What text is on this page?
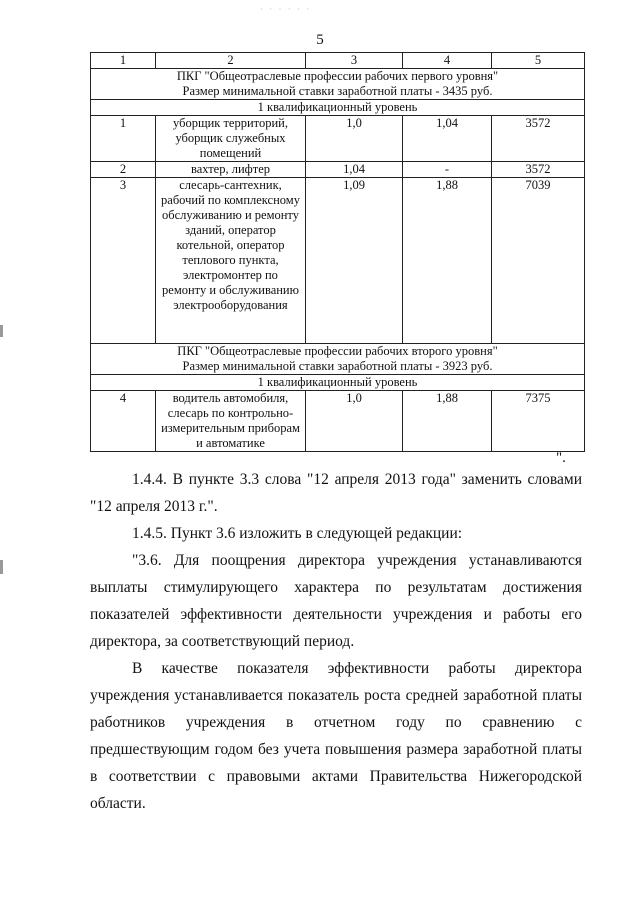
· · · · · ·
5
1	2	3	4	5

ПКГ "Общеотраслевые профессии рабочих первого уровня"
Размер минимальной ставки заработной платы - 3435 руб.				

1 квалификационный уровень				
1	уборщик территорий, уборщик служебных помещений	1,0	1,04	3572
2	вахтер, лифтер	1,04	-	3572
3	слесарь-сантехник, рабочий по комплексному обслуживанию и ремонту зданий, оператор котельной, оператор теплового пункта, электромонтер по ремонту и обслуживанию электрооборудования	1,09	1,88	7039

ПКГ "Общеотраслевые профессии рабочих второго уровня"
Размер минимальной ставки заработной платы - 3923 руб.				

1 квалификационный уровень				
4	водитель автомобиля, слесарь по контрольно-измерительным приборам и автоматике	1,0	1,88	7375
".
1.4.4. В пункте 3.3 слова "12 апреля 2013 года" заменить словами "12 апреля 2013 г.".
1.4.5. Пункт 3.6 изложить в следующей редакции:
"3.6. Для поощрения директора учреждения устанавливаются выплаты стимулирующего характера по результатам достижения показателей эффективности деятельности учреждения и работы его директора, за соответствующий период.
В качестве показателя эффективности работы директора учреждения устанавливается показатель роста средней заработной платы работников учреждения в отчетном году по сравнению с предшествующим годом без учета повышения размера заработной платы в соответствии с правовыми актами Правительства Нижегородской области.
